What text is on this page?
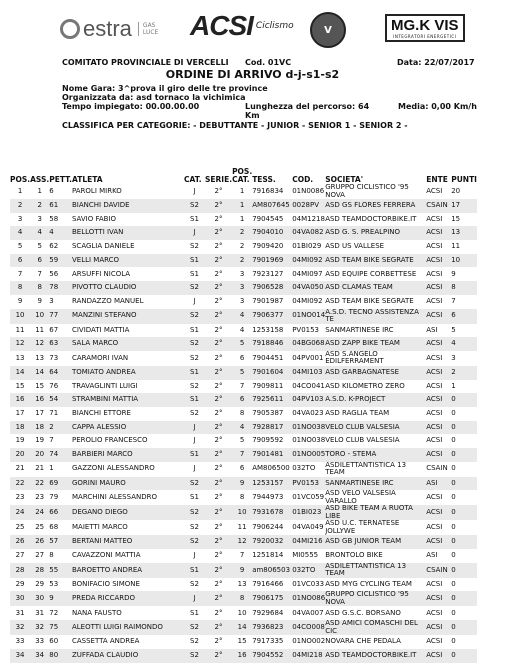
estra GAS
LUCE ACSI Ciclismo	V	MG.K VIS
INTEGRATORI ENERGETICI
COMITATO PROVINCIALE DI VERCELLI Cod. 01VC	Data: 22/07/2017
ORDINE DI ARRIVO d-j-s1-s2
Nome Gara: 3^prova il giro delle tre province
Organizzata da: asd tornaco la vichimica
Tempo impiegato: 00.00.00.00	Lunghezza del percorso: 64
Km
Media: 0,00 Km/h
CLASSIFICA PER CATEGORIE: - DEBUTTANTE - JUNIOR - SENIOR 1 - SENIOR 2 -
POS.	ASS.	PETT.	ATLETA	CAT.	SERIE.	POS. CAT.	TESS.	COD.	SOCIETA'	ENTE	PUNTI
1	1	6	PAROLI MIRKO	J	2°	1	7916834	01N0086	GRUPPO CICLISTICO '95 NOVA	ACSI	20
2	2	61	BIANCHI DAVIDE	S2	2°	1	AM807645	0028PV	ASD GS FLORES FERRERA	CSAIN	17
3	3	58	SAVIO FABIO	S1	2°	1	7904545	04M1218	ASD TEAMDOCTORBIKE.IT	ACSI	15
4	4	4	BELLOTTI IVAN	J	2°	2	7904010	04VA082	ASD G. S. PREALPINO	ACSI	13
5	5	62	SCAGLIA DANIELE	S2	2°	2	7909420	01BI029	ASD US VALLESE	ACSI	11
6	6	59	VELLI MARCO	S1	2°	2	7901969	04MI092	ASD TEAM BIKE SEGRATE	ACSI	10
7	7	56	ARSUFFI NICOLA	S1	2°	3	7923127	04MI097	ASD EQUIPE CORBETTESE	ACSI	9
8	8	78	PIVOTTO CLAUDIO	S2	2°	3	7906528	04VA050	ASD CLAMAS TEAM	ACSI	8
9	9	3	RANDAZZO MANUEL	J	2°	3	7901987	04MI092	ASD TEAM BIKE SEGRATE	ACSI	7
10	10	77	MANZINI STEFANO	S2	2°	4	7906377	01NO014	A.S.D. TECNO ASSISTENZA TE	ACSI	6
11	11	67	CIVIDATI MATTIA	S1	2°	4	1253158	PV0153	SANMARTINESE IRC	ASI	5
12	12	63	SALA MARCO	S2	2°	5	7918846	04BG068	ASD ZAPP BIKE TEAM	ACSI	4
13	13	73	CARAMORI IVAN	S2	2°	6	7904451	04PV001	ASD S.ANGELO EDILFERRAMENT	ACSI	3
14	14	64	TOMIATO ANDREA	S1	2°	5	7901604	04MI103	ASD GARBAGNATESE	ACSI	2
15	15	76	TRAVAGLINTI LUIGI	S2	2°	7	7909811	04CO041	ASD KILOMETRO ZERO	ACSI	1
16	16	54	STRAMBINI MATTIA	S1	2°	6	7925611	04PV103	A.S.D. K-PROJECT	ACSI	0
17	17	71	BIANCHI ETTORE	S2	2°	8	7905387	04VA023	ASD RAGLIA TEAM	ACSI	0
18	18	2	CAPPA ALESSIO	J	2°	4	7928817	01NO038	VELO CLUB VALSESIA	ACSI	0
19	19	7	PEROLIO FRANCESCO	J	2°	5	7909592	01NO038	VELO CLUB VALSESIA	ACSI	0
20	20	74	BARBIERI MARCO	S1	2°	7	7901481	01NO005	TORO - STEMA	ACSI	0
21	21	1	GAZZONI ALESSANDRO	J	2°	6	AM806500	032TO	ASDILETTANTISTICA 13 TEAM	CSAIN	0
22	22	69	GORINI MAURO	S2	2°	9	1253157	PV0153	SANMARTINESE IRC	ASI	0
23	23	79	MARCHINI ALESSANDRO	S1	2°	8	7944973	01VC059	ASD VELO VALSESIA VARALLO	ACSI	0
24	24	66	DEGANO DIEGO	S2	2°	10	7931678	01BI023	ASD BIKE TEAM A RUOTA LIBE	ACSI	0
25	25	68	MAIETTI MARCO	S2	2°	11	7906244	04VA049	ASD U.C. TERNATESE JOLLYWE	ACSI	0
26	26	57	BERTANI MATTEO	S2	2°	12	7920032	04MI216	ASD GB JUNIOR TEAM	ACSI	0
27	27	8	CAVAZZONI MATTIA	J	2°	7	1251814	MI0555	BRONTOLO BIKE	ASI	0
28	28	55	BAROETTO ANDREA	S1	2°	9	am806503	032TO	ASDILETTANTISTICA 13 TEAM	CSAIN	0
29	29	53	BONIFACIO SIMONE	S2	2°	13	7916466	01VC033	ASD MYG CYCLING TEAM	ACSI	0
30	30	9	PREDA RICCARDO	J	2°	8	7906175	01NO086	GRUPPO CICLISTICO '95 NOVA	ACSI	0
31	31	72	NANA FAUSTO	S1	2°	10	7929684	04VA007	ASD G.S.C. BORSANO	ACSI	0
32	32	75	ALEOTTI LUIGI RAIMONDO	S2	2°	14	7936823	04CO008	ASD AMICI COMASCHI DEL CIC	ACSI	0
33	33	60	CASSETTA ANDREA	S2	2°	15	7917335	01NO002	NOVARA CHE PEDALA	ACSI	0
34	34	80	ZUFFADA CLAUDIO	S2	2°	16	7904552	04MI218	ASD TEAMDOCTORBIKE.IT	ACSI	0
